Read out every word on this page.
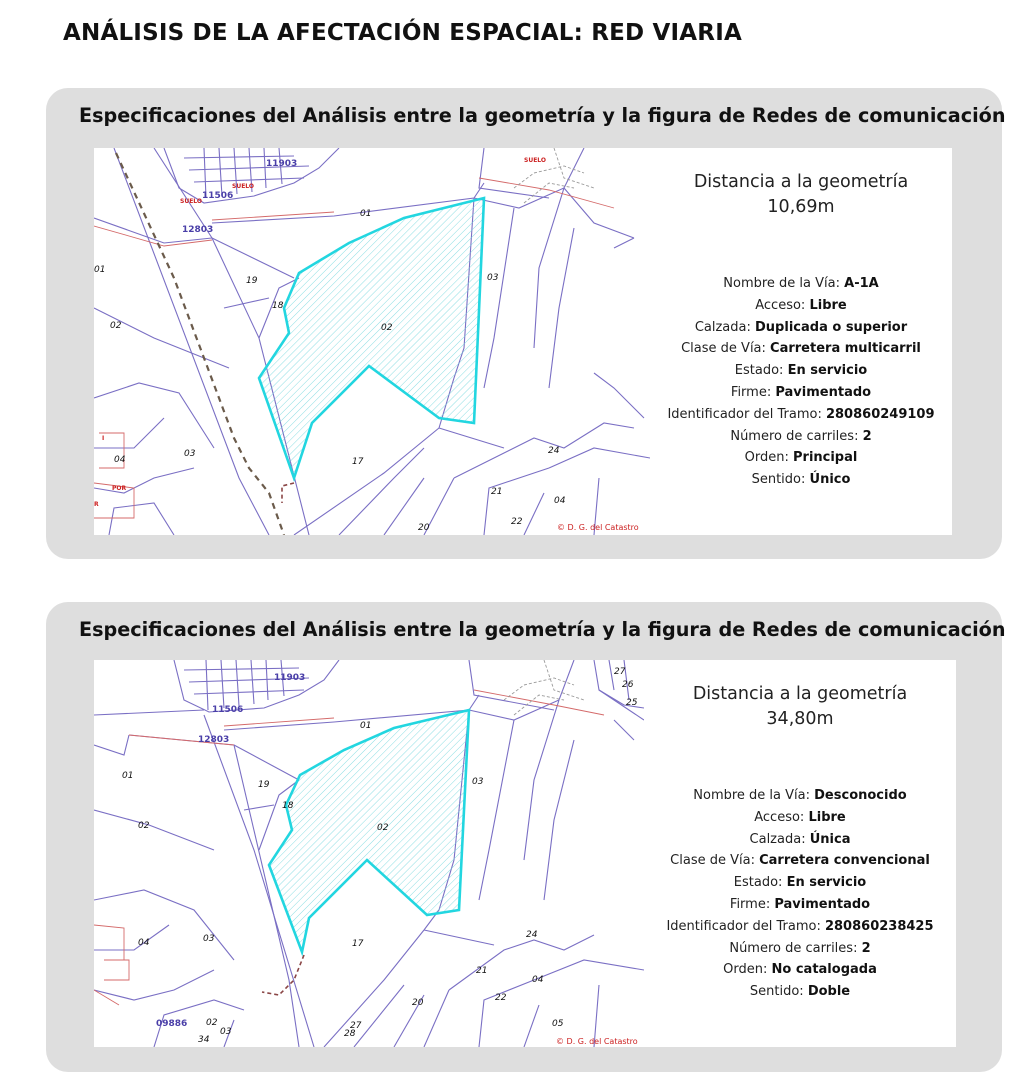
ANÁLISIS DE LA AFECTACIÓN ESPACIAL: RED VIARIA
Especificaciones del Análisis entre la geometría y la figura de Redes de comunicación
01
02
03
17
18
19
01
02
03
04
20
21
22
24
04
12803
11903
11506
SUELO
SUELO
SUELO
POR
R
I
© D. G. del Catastro
Distancia a la geometría
10,69m
Nombre de la Vía: A-1A
Acceso: Libre
Calzada: Duplicada o superior
Clase de Vía: Carretera multicarril
Estado: En servicio
Firme: Pavimentado
Identificador del Tramo: 280860249109
Número de carriles: 2
Orden: Principal
Sentido: Único
Especificaciones del Análisis entre la geometría y la figura de Redes de comunicación
01
02
03
17
18
19
01
02
03
04
20
21
22
24
04
05
27
26
25
02
03
34
27
28
12803
11903
11506
09886
© D. G. del Catastro
Distancia a la geometría
34,80m
Nombre de la Vía: Desconocido
Acceso: Libre
Calzada: Única
Clase de Vía: Carretera convencional
Estado: En servicio
Firme: Pavimentado
Identificador del Tramo: 280860238425
Número de carriles: 2
Orden: No catalogada
Sentido: Doble
